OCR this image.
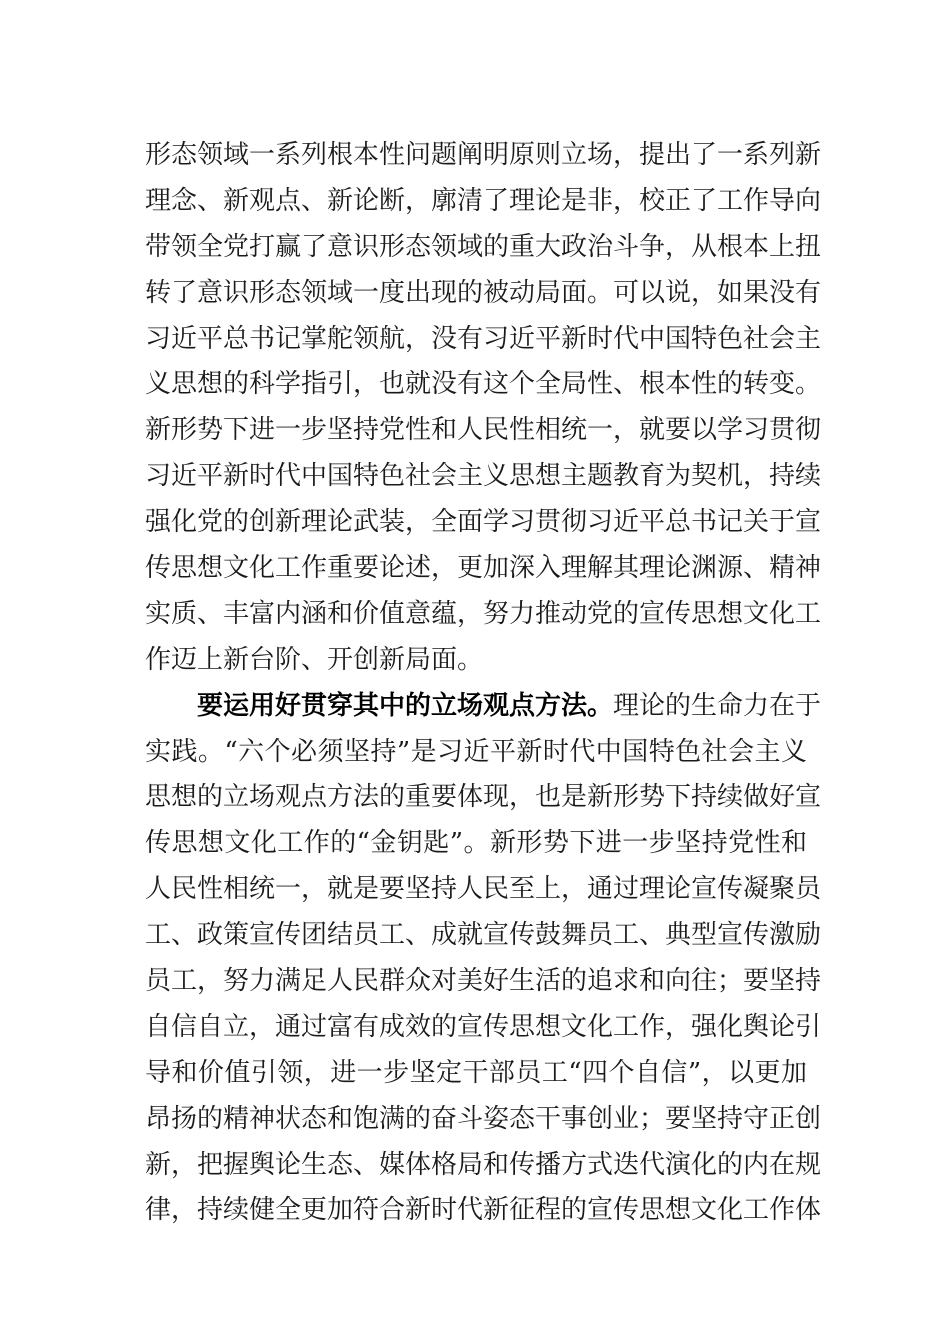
形态领域一系列根本性问题阐明原则立场，提出了一系列新
理念、新观点、新论断，廓清了理论是非，校正了工作导向
带领全党打赢了意识形态领域的重大政治斗争，从根本上扭
转了意识形态领域一度出现的被动局面。可以说，如果没有
习近平总书记掌舵领航，没有习近平新时代中国特色社会主
义思想的科学指引，也就没有这个全局性、根本性的转变。
新形势下进一步坚持党性和人民性相统一，就要以学习贯彻
习近平新时代中国特色社会主义思想主题教育为契机，持续
强化党的创新理论武装，全面学习贯彻习近平总书记关于宣
传思想文化工作重要论述，更加深入理解其理论渊源、精神
实质、丰富内涵和价值意蕴，努力推动党的宣传思想文化工
作迈上新台阶、开创新局面。
要运用好贯穿其中的立场观点方法。理论的生命力在于
实践。“六个必须坚持”是习近平新时代中国特色社会主义
思想的立场观点方法的重要体现，也是新形势下持续做好宣
传思想文化工作的“金钥匙”。新形势下进一步坚持党性和
人民性相统一，就是要坚持人民至上，通过理论宣传凝聚员
工、政策宣传团结员工、成就宣传鼓舞员工、典型宣传激励
员工，努力满足人民群众对美好生活的追求和向往；要坚持
自信自立，通过富有成效的宣传思想文化工作，强化舆论引
导和价值引领，进一步坚定干部员工“四个自信”，以更加
昂扬的精神状态和饱满的奋斗姿态干事创业；要坚持守正创
新，把握舆论生态、媒体格局和传播方式迭代演化的内在规
律，持续健全更加符合新时代新征程的宣传思想文化工作体
